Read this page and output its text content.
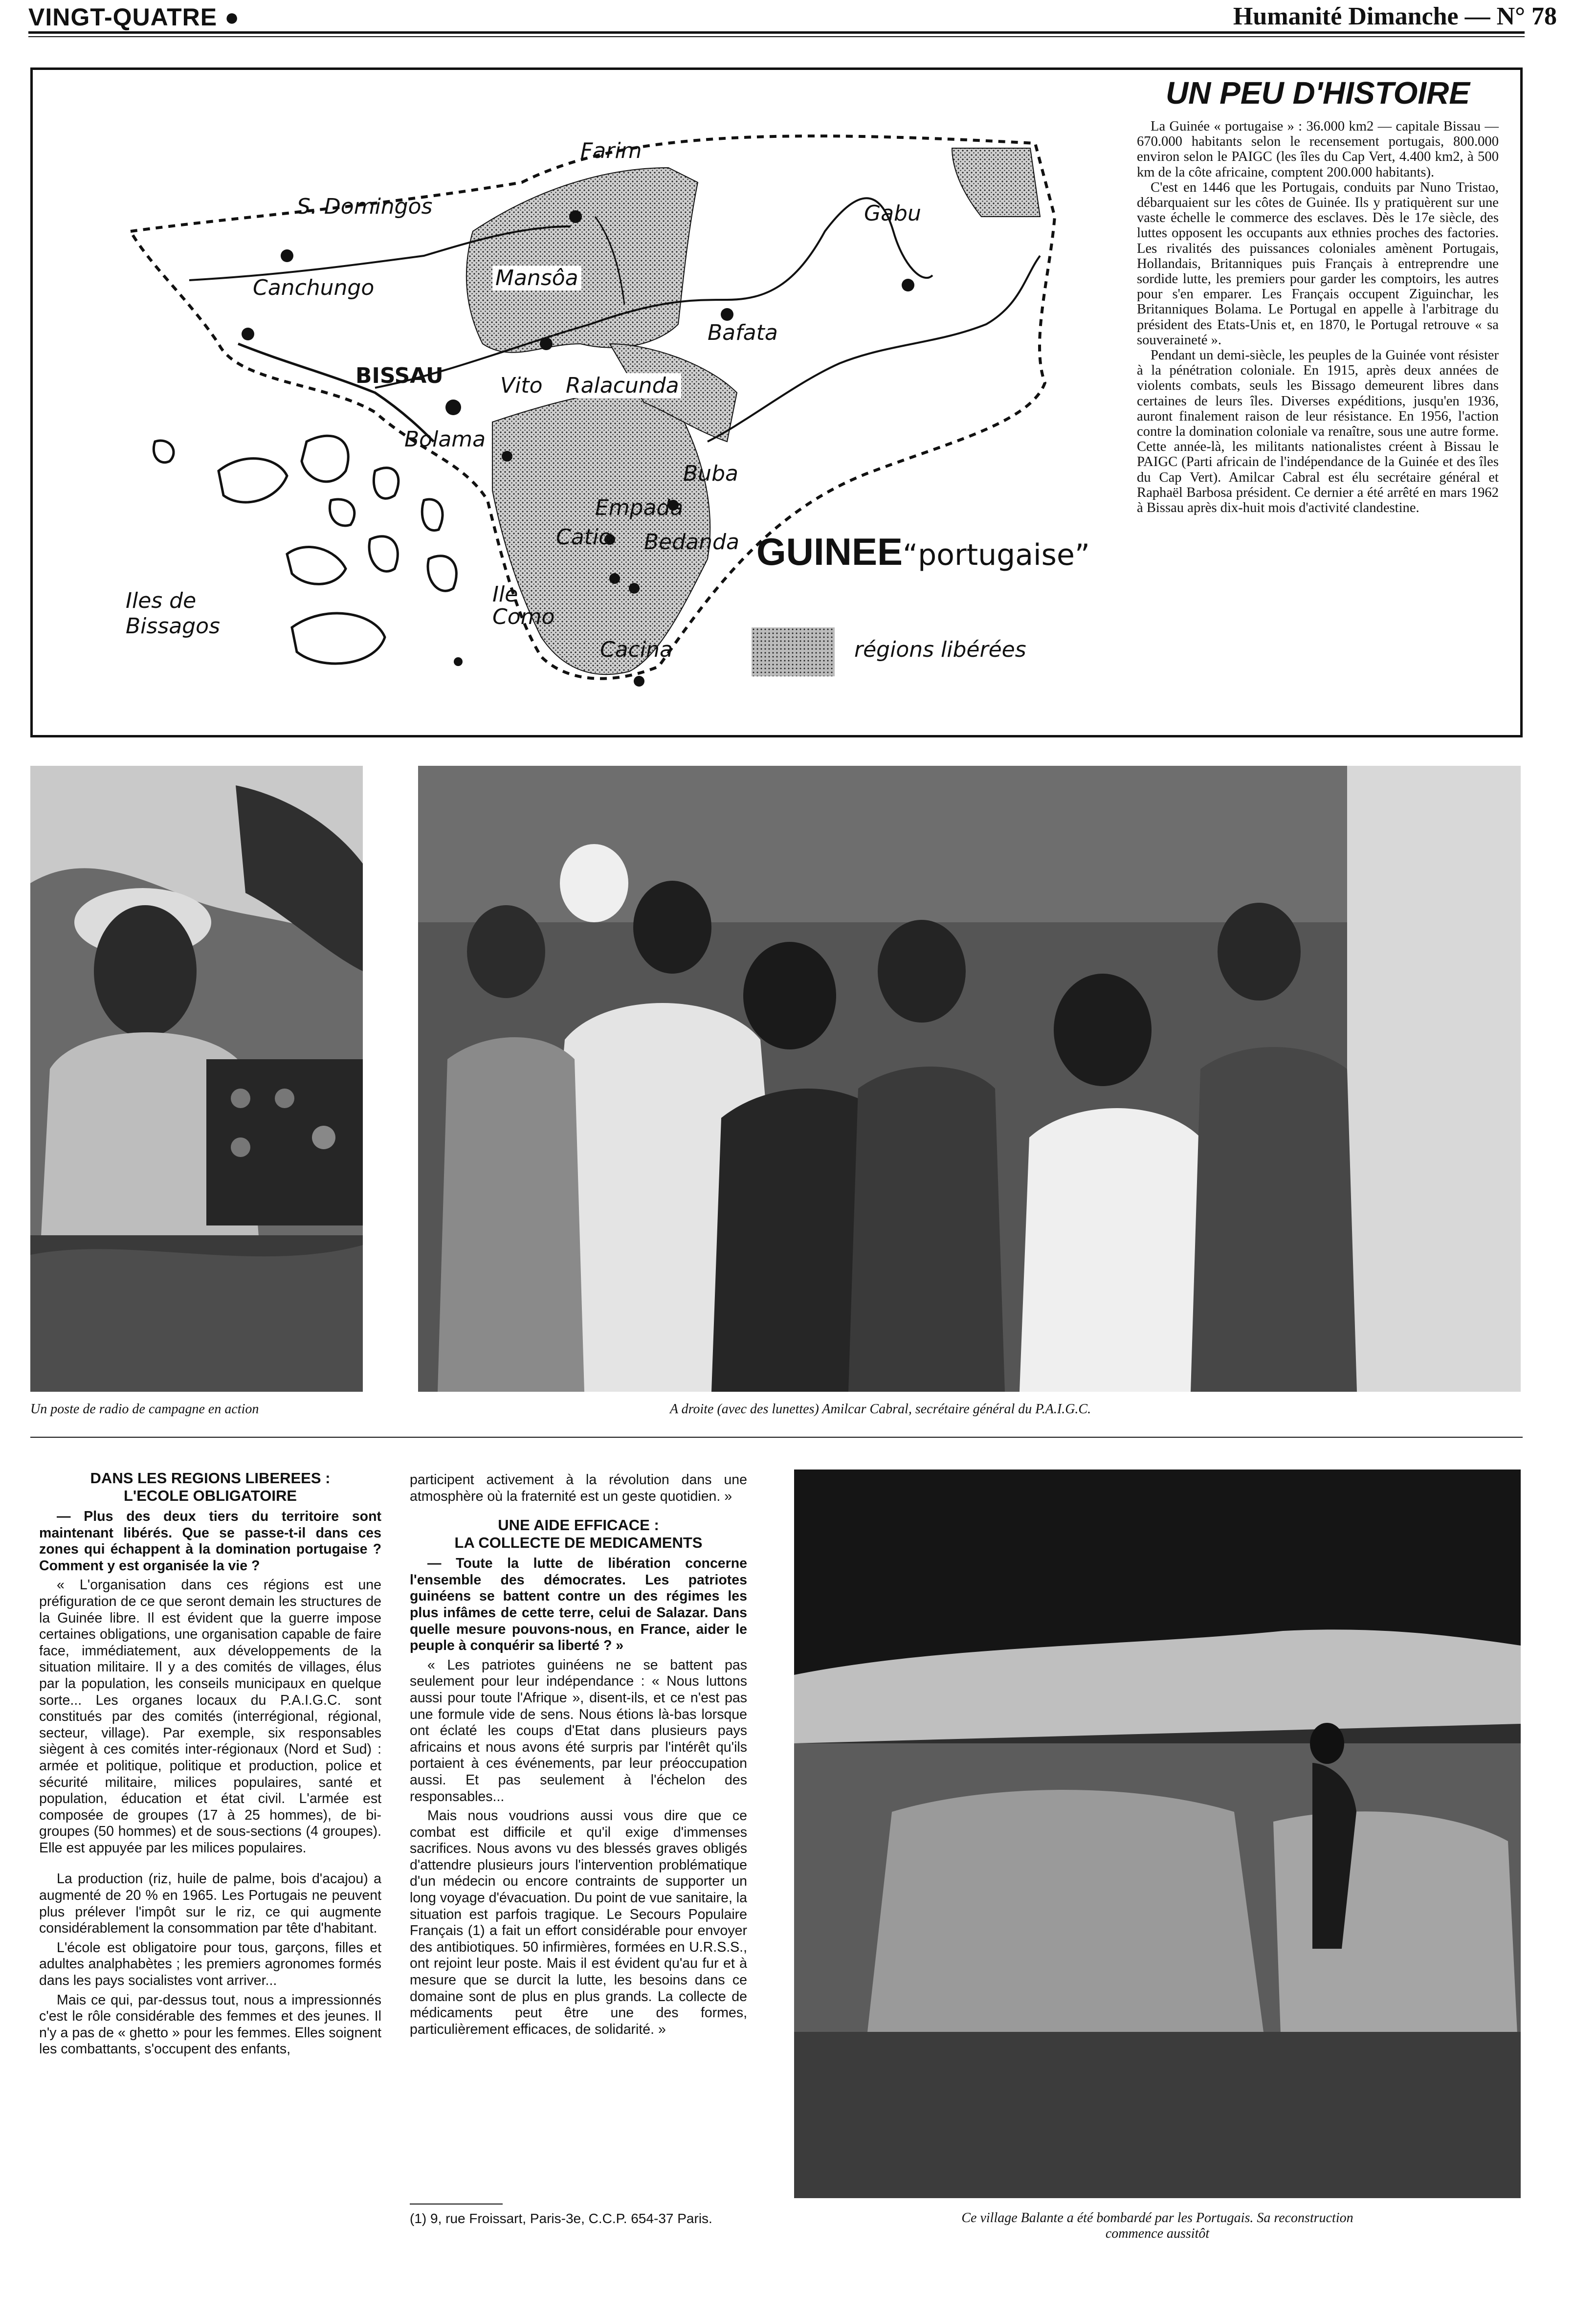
VINGT-QUATRE ●	Humanité Dimanche — N° 78
Farim
S. Domingos	Gabu
Mansôa
Canchungo
Bafata
BISSAU	Vito Ralacunda
Bolama
Buba
Empada
Catio Bedanda
Ile Como
Cacina
Iles de Bissagos
GUINEE“portugaise”
régions libérées
UN PEU D'HISTOIRE

La Guinée « portugaise » : 36.000 km2 — capitale Bissau — 670.000 habitants selon le recensement portugais, 800.000 environ selon le PAIGC (les îles du Cap Vert, 4.400 km2, à 500 km de la côte africaine, comptent 200.000 habitants).

C'est en 1446 que les Portugais, conduits par Nuno Tristao, débarquaient sur les côtes de Guinée. Ils y pratiquèrent sur une vaste échelle le commerce des esclaves. Dès le 17e siècle, des luttes opposent les occupants aux ethnies proches des factories. Les rivalités des puissances coloniales amènent Portugais, Hollandais, Britanniques puis Français à entreprendre une sordide lutte, les premiers pour garder les comptoirs, les autres pour s'en emparer. Les Français occupent Ziguinchar, les Britanniques Bolama. Le Portugal en appelle à l'arbitrage du président des Etats-Unis et, en 1870, le Portugal retrouve « sa souveraineté ».

Pendant un demi-siècle, les peuples de la Guinée vont résister à la pénétration coloniale. En 1915, après deux années de violents combats, seuls les Bissago demeurent libres dans certaines de leurs îles. Diverses expéditions, jusqu'en 1936, auront finalement raison de leur résistance. En 1956, l'action contre la domination coloniale va renaître, sous une autre forme. Cette année-là, les militants nationalistes créent à Bissau le PAIGC (Parti africain de l'indépendance de la Guinée et des îles du Cap Vert). Amilcar Cabral est élu secrétaire général et Raphaël Barbosa président. Ce dernier a été arrêté en mars 1962 à Bissau après dix-huit mois d'activité clandestine.

Un poste de radio de campagne en action	A droite (avec des lunettes) Amilcar Cabral, secrétaire général du P.A.I.G.C.
DANS LES REGIONS LIBEREES :
L'ECOLE OBLIGATOIRE

— Plus des deux tiers du territoire sont maintenant libérés. Que se passe-t-il dans ces zones qui échappent à la domination portugaise ? Comment y est organisée la vie ?

« L'organisation dans ces régions est une préfiguration de ce que seront demain les structures de la Guinée libre. Il est évident que la guerre impose certaines obligations, une organisation capable de faire face, immédiatement, aux développements de la situation militaire. Il y a des comités de villages, élus par la population, les conseils municipaux en quelque sorte... Les organes locaux du P.A.I.G.C. sont constitués par des comités (interrégional, régional, secteur, village). Par exemple, six responsables siègent à ces comités inter-régionaux (Nord et Sud) : armée et politique, politique et production, police et sécurité militaire, milices populaires, santé et population, éducation et état civil. L'armée est composée de groupes (17 à 25 hommes), de bi-groupes (50 hommes) et de sous-sections (4 groupes). Elle est appuyée par les milices populaires.

La production (riz, huile de palme, bois d'acajou) a augmenté de 20 % en 1965. Les Portugais ne peuvent plus prélever l'impôt sur le riz, ce qui augmente considérablement la consommation par tête d'habitant.

L'école est obligatoire pour tous, garçons, filles et adultes analphabètes ; les premiers agronomes formés dans les pays socialistes vont arriver...

Mais ce qui, par-dessus tout, nous a impressionnés c'est le rôle considérable des femmes et des jeunes. Il n'y a pas de « ghetto » pour les femmes. Elles soignent les combattants, s'occupent des enfants,

participent activement à la révolution dans une atmosphère où la fraternité est un geste quotidien. »

UNE AIDE EFFICACE :
LA COLLECTE DE MEDICAMENTS

— Toute la lutte de libération concerne l'ensemble des démocrates. Les patriotes guinéens se battent contre un des régimes les plus infâmes de cette terre, celui de Salazar. Dans quelle mesure pouvons-nous, en France, aider le peuple à conquérir sa liberté ? »

« Les patriotes guinéens ne se battent pas seulement pour leur indépendance : « Nous luttons aussi pour toute l'Afrique », disent-ils, et ce n'est pas une formule vide de sens. Nous étions là-bas lorsque ont éclaté les coups d'Etat dans plusieurs pays africains et nous avons été surpris par l'intérêt qu'ils portaient à ces événements, par leur préoccupation aussi. Et pas seulement à l'échelon des responsables...

Mais nous voudrions aussi vous dire que ce combat est difficile et qu'il exige d'immenses sacrifices. Nous avons vu des blessés graves obligés d'attendre plusieurs jours l'intervention problématique d'un médecin ou encore contraints de supporter un long voyage d'évacuation. Du point de vue sanitaire, la situation est parfois tragique. Le Secours Populaire Français (1) a fait un effort considérable pour envoyer des antibiotiques. 50 infirmières, formées en U.R.S.S., ont rejoint leur poste. Mais il est évident qu'au fur et à mesure que se durcit la lutte, les besoins dans ce domaine sont de plus en plus grands. La collecte de médicaments peut être une des formes, particulièrement efficaces, de solidarité. »

(1) 9, rue Froissart, Paris-3e, C.C.P. 654-37 Paris.	Ce village Balante a été bombardé par les Portugais. Sa reconstruction
commence aussitôt
